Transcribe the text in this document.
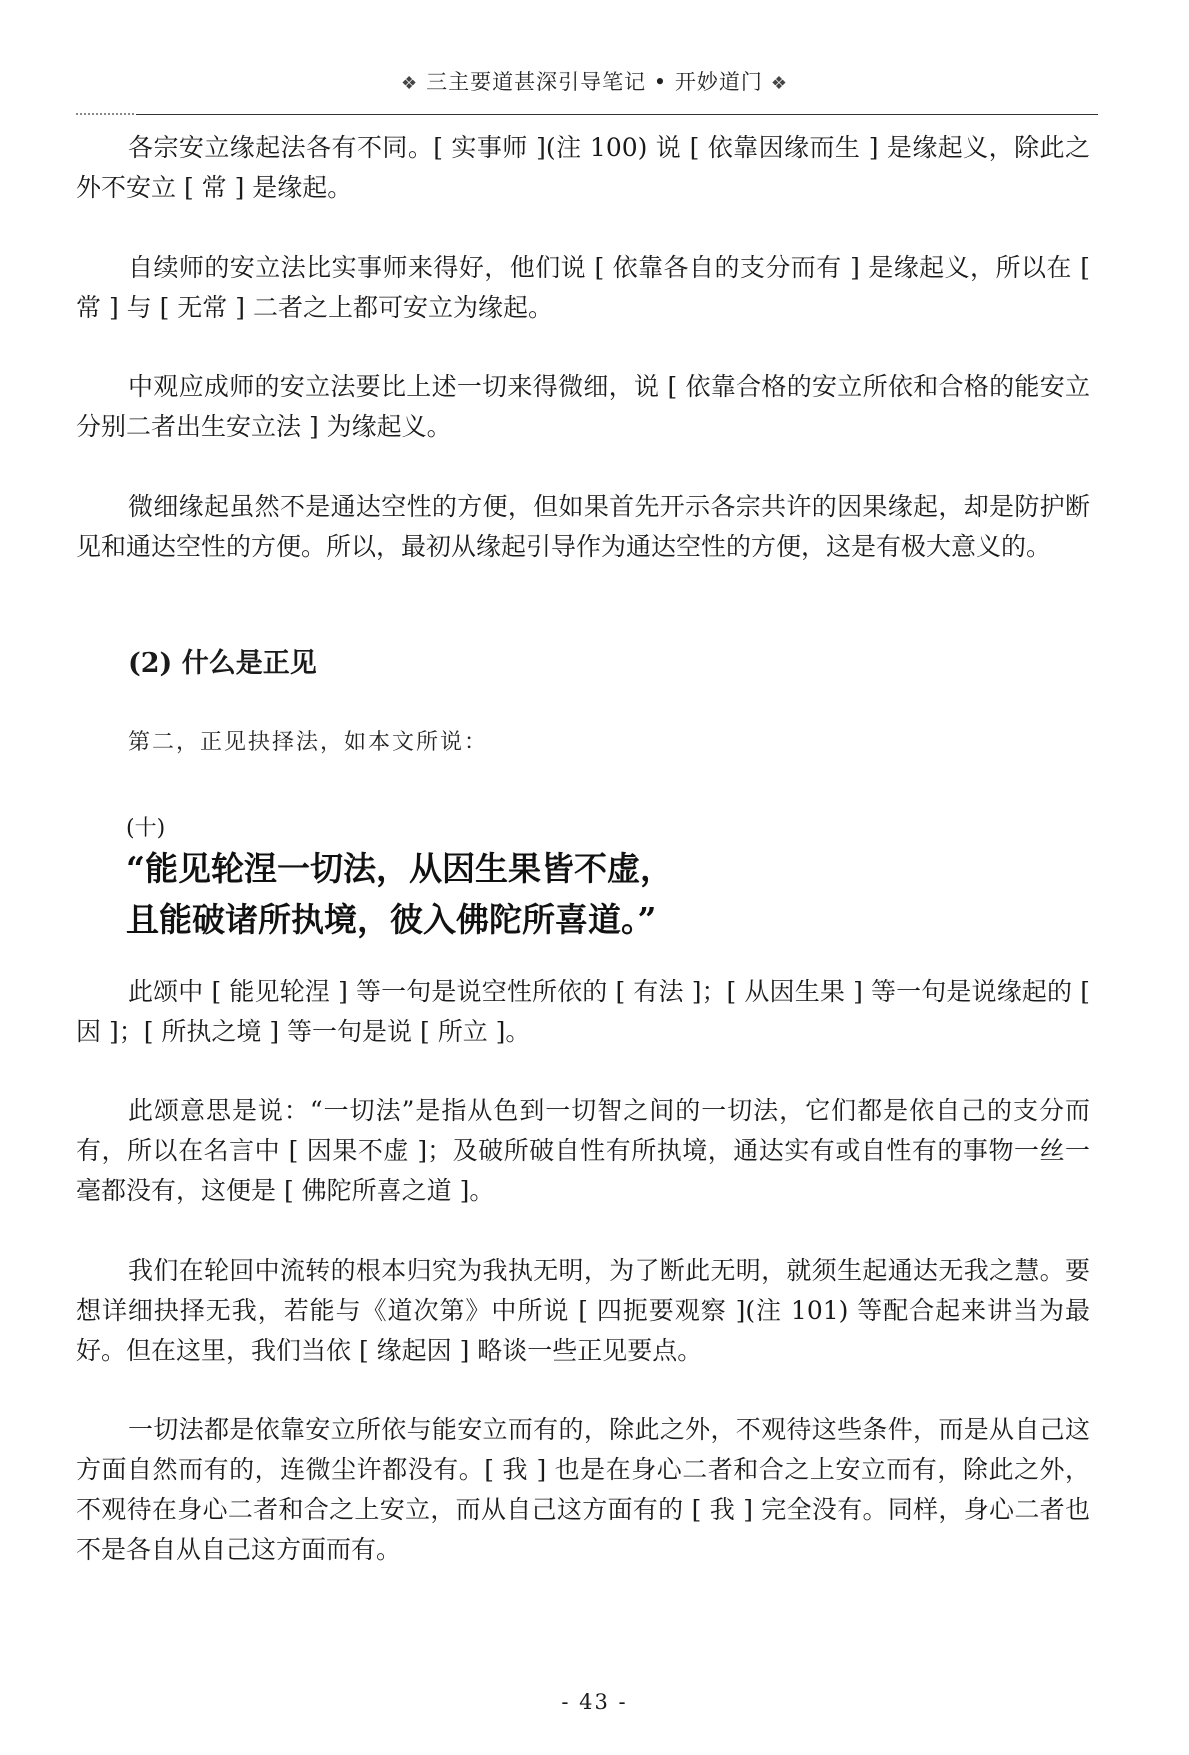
❖ 三主要道甚深引导笔记 • 开妙道门 ❖

各宗安立缘起法各有不同。[ 实事师 ](注 100) 说 [ 依靠因缘而生 ] 是缘起义，除此之外不安立 [ 常 ] 是缘起。

自续师的安立法比实事师来得好，他们说 [ 依靠各自的支分而有 ] 是缘起义，所以在 [ 常 ] 与 [ 无常 ] 二者之上都可安立为缘起。

中观应成师的安立法要比上述一切来得微细，说 [ 依靠合格的安立所依和合格的能安立分别二者出生安立法 ] 为缘起义。

微细缘起虽然不是通达空性的方便，但如果首先开示各宗共许的因果缘起，却是防护断见和通达空性的方便。所以，最初从缘起引导作为通达空性的方便，这是有极大意义的。

(2) 什么是正见

第二，正见抉择法，如本文所说：

(十)

“能见轮涅一切法，从因生果皆不虚，

且能破诸所执境，彼入佛陀所喜道。”

此颂中 [ 能见轮涅 ] 等一句是说空性所依的 [ 有法 ]；[ 从因生果 ] 等一句是说缘起的 [ 因 ]；[ 所执之境 ] 等一句是说 [ 所立 ]。

此颂意思是说：“一切法”是指从色到一切智之间的一切法，它们都是依自己的支分而有，所以在名言中 [ 因果不虚 ]；及破所破自性有所执境，通达实有或自性有的事物一丝一毫都没有，这便是 [ 佛陀所喜之道 ]。

我们在轮回中流转的根本归究为我执无明，为了断此无明，就须生起通达无我之慧。要想详细抉择无我，若能与《道次第》中所说 [ 四扼要观察 ](注 101) 等配合起来讲当为最好。但在这里，我们当依 [ 缘起因 ] 略谈一些正见要点。

一切法都是依靠安立所依与能安立而有的，除此之外，不观待这些条件，而是从自己这方面自然而有的，连微尘许都没有。[ 我 ] 也是在身心二者和合之上安立而有，除此之外，不观待在身心二者和合之上安立，而从自己这方面有的 [ 我 ] 完全没有。同样，身心二者也不是各自从自己这方面而有。

- 43 -
